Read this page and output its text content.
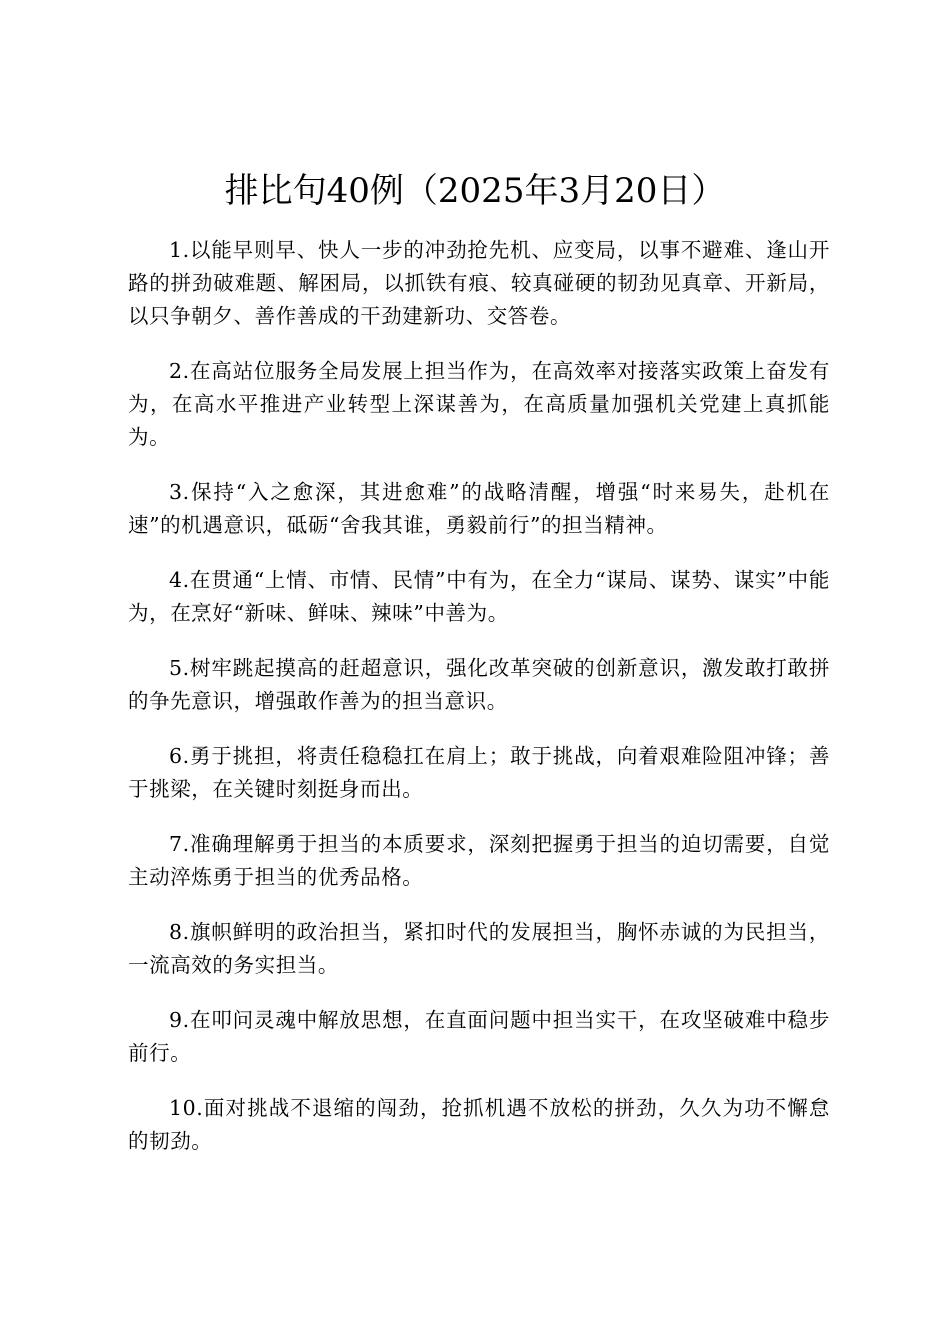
排比句40例（2025年3月20日）

1.以能早则早、快人一步的冲劲抢先机、应变局，以事不避难、逢山开路的拼劲破难题、解困局，以抓铁有痕、较真碰硬的韧劲见真章、开新局，以只争朝夕、善作善成的干劲建新功、交答卷。

2.在高站位服务全局发展上担当作为，在高效率对接落实政策上奋发有为，在高水平推进产业转型上深谋善为，在高质量加强机关党建上真抓能为。

3.保持“入之愈深，其进愈难”的战略清醒，增强“时来易失，赴机在速”的机遇意识，砥砺“舍我其谁，勇毅前行”的担当精神。

4.在贯通“上情、市情、民情”中有为，在全力“谋局、谋势、谋实”中能为，在烹好“新味、鲜味、辣味”中善为。

5.树牢跳起摸高的赶超意识，强化改革突破的创新意识，激发敢打敢拼的争先意识，增强敢作善为的担当意识。

6.勇于挑担，将责任稳稳扛在肩上；敢于挑战，向着艰难险阻冲锋；善于挑梁，在关键时刻挺身而出。

7.准确理解勇于担当的本质要求，深刻把握勇于担当的迫切需要，自觉主动淬炼勇于担当的优秀品格。

8.旗帜鲜明的政治担当，紧扣时代的发展担当，胸怀赤诚的为民担当，一流高效的务实担当。

9.在叩问灵魂中解放思想，在直面问题中担当实干，在攻坚破难中稳步前行。

10.面对挑战不退缩的闯劲，抢抓机遇不放松的拼劲，久久为功不懈怠的韧劲。
